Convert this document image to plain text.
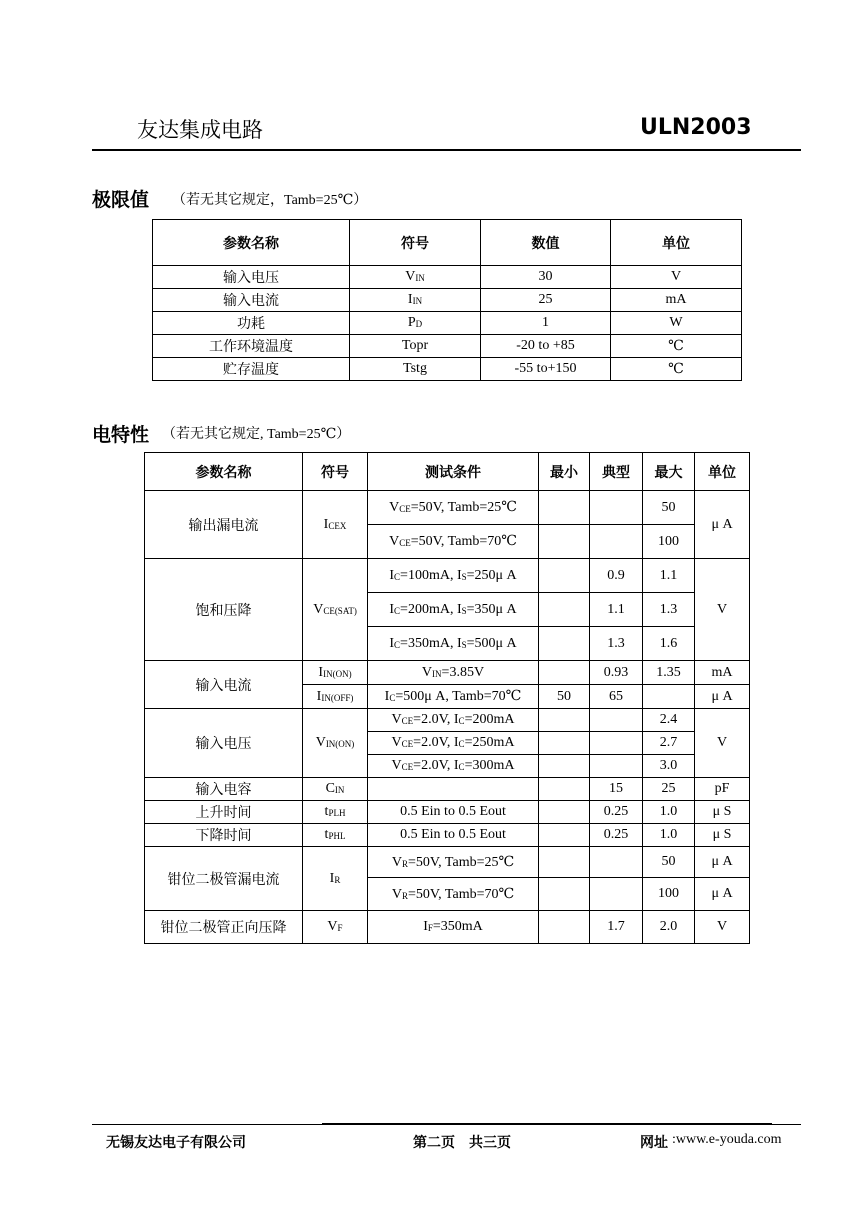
友达集成电路	ULN2003
极限值 （若无其它规定，Tamb=25℃）
参数名称	符号	数值	单位
输入电压	$V_{IN}$	30	V
输入电流	$I_{IN}$	25	mA
功耗	$P_D$	1	W
工作环境温度	Topr	-20 to +85	℃
贮存温度	Tstg	-55 to+150	℃
电特性 （若无其它规定, Tamb=25℃）
参数名称	符号	测试条件	最小	典型	最大	单位
输出漏电流	$I_{CEX}$	$V_{CE}=50V$, Tamb=25℃			50	μ A
		$V_{CE}=50V$, Tamb=70℃			100	
饱和压降	$V_{CE(SAT)}$	$I_C=100mA$, $I_S=250\mu$ A		0.9	1.1	V
		$I_C=200mA$, $I_S=350\mu$ A		1.1	1.3	
		$I_C=350mA$, $I_S=500\mu$ A		1.3	1.6	
输入电流	$I_{IN(ON)}$	$V_{IN}=3.85V$		0.93	1.35	mA
	$I_{IN(OFF)}$	$I_C=500\mu$ A, Tamb=70℃	50	65		μ A
输入电压	$V_{IN(ON)}$	$V_{CE}=2.0V$, $I_C=200mA$			2.4	V
		$V_{CE}=2.0V$, $I_C=250mA$			2.7	
		$V_{CE}=2.0V$, $I_C=300mA$			3.0	
输入电容	$C_{IN}$			15	25	pF
上升时间	$t_{PLH}$	0.5 Ein to 0.5 Eout		0.25	1.0	μ S
下降时间	$t_{PHL}$	0.5 Ein to 0.5 Eout		0.25	1.0	μ S
钳位二极管漏电流	$I_R$	$V_R=50V$, Tamb=25℃			50	μ A
		$V_R=50V$, Tamb=70℃			100	μ A
钳位二极管正向压降	$V_F$	$I_F=350mA$		1.7	2.0	V
无锡友达电子有限公司	第二页　共三页	网址 :www.e-youda.com
